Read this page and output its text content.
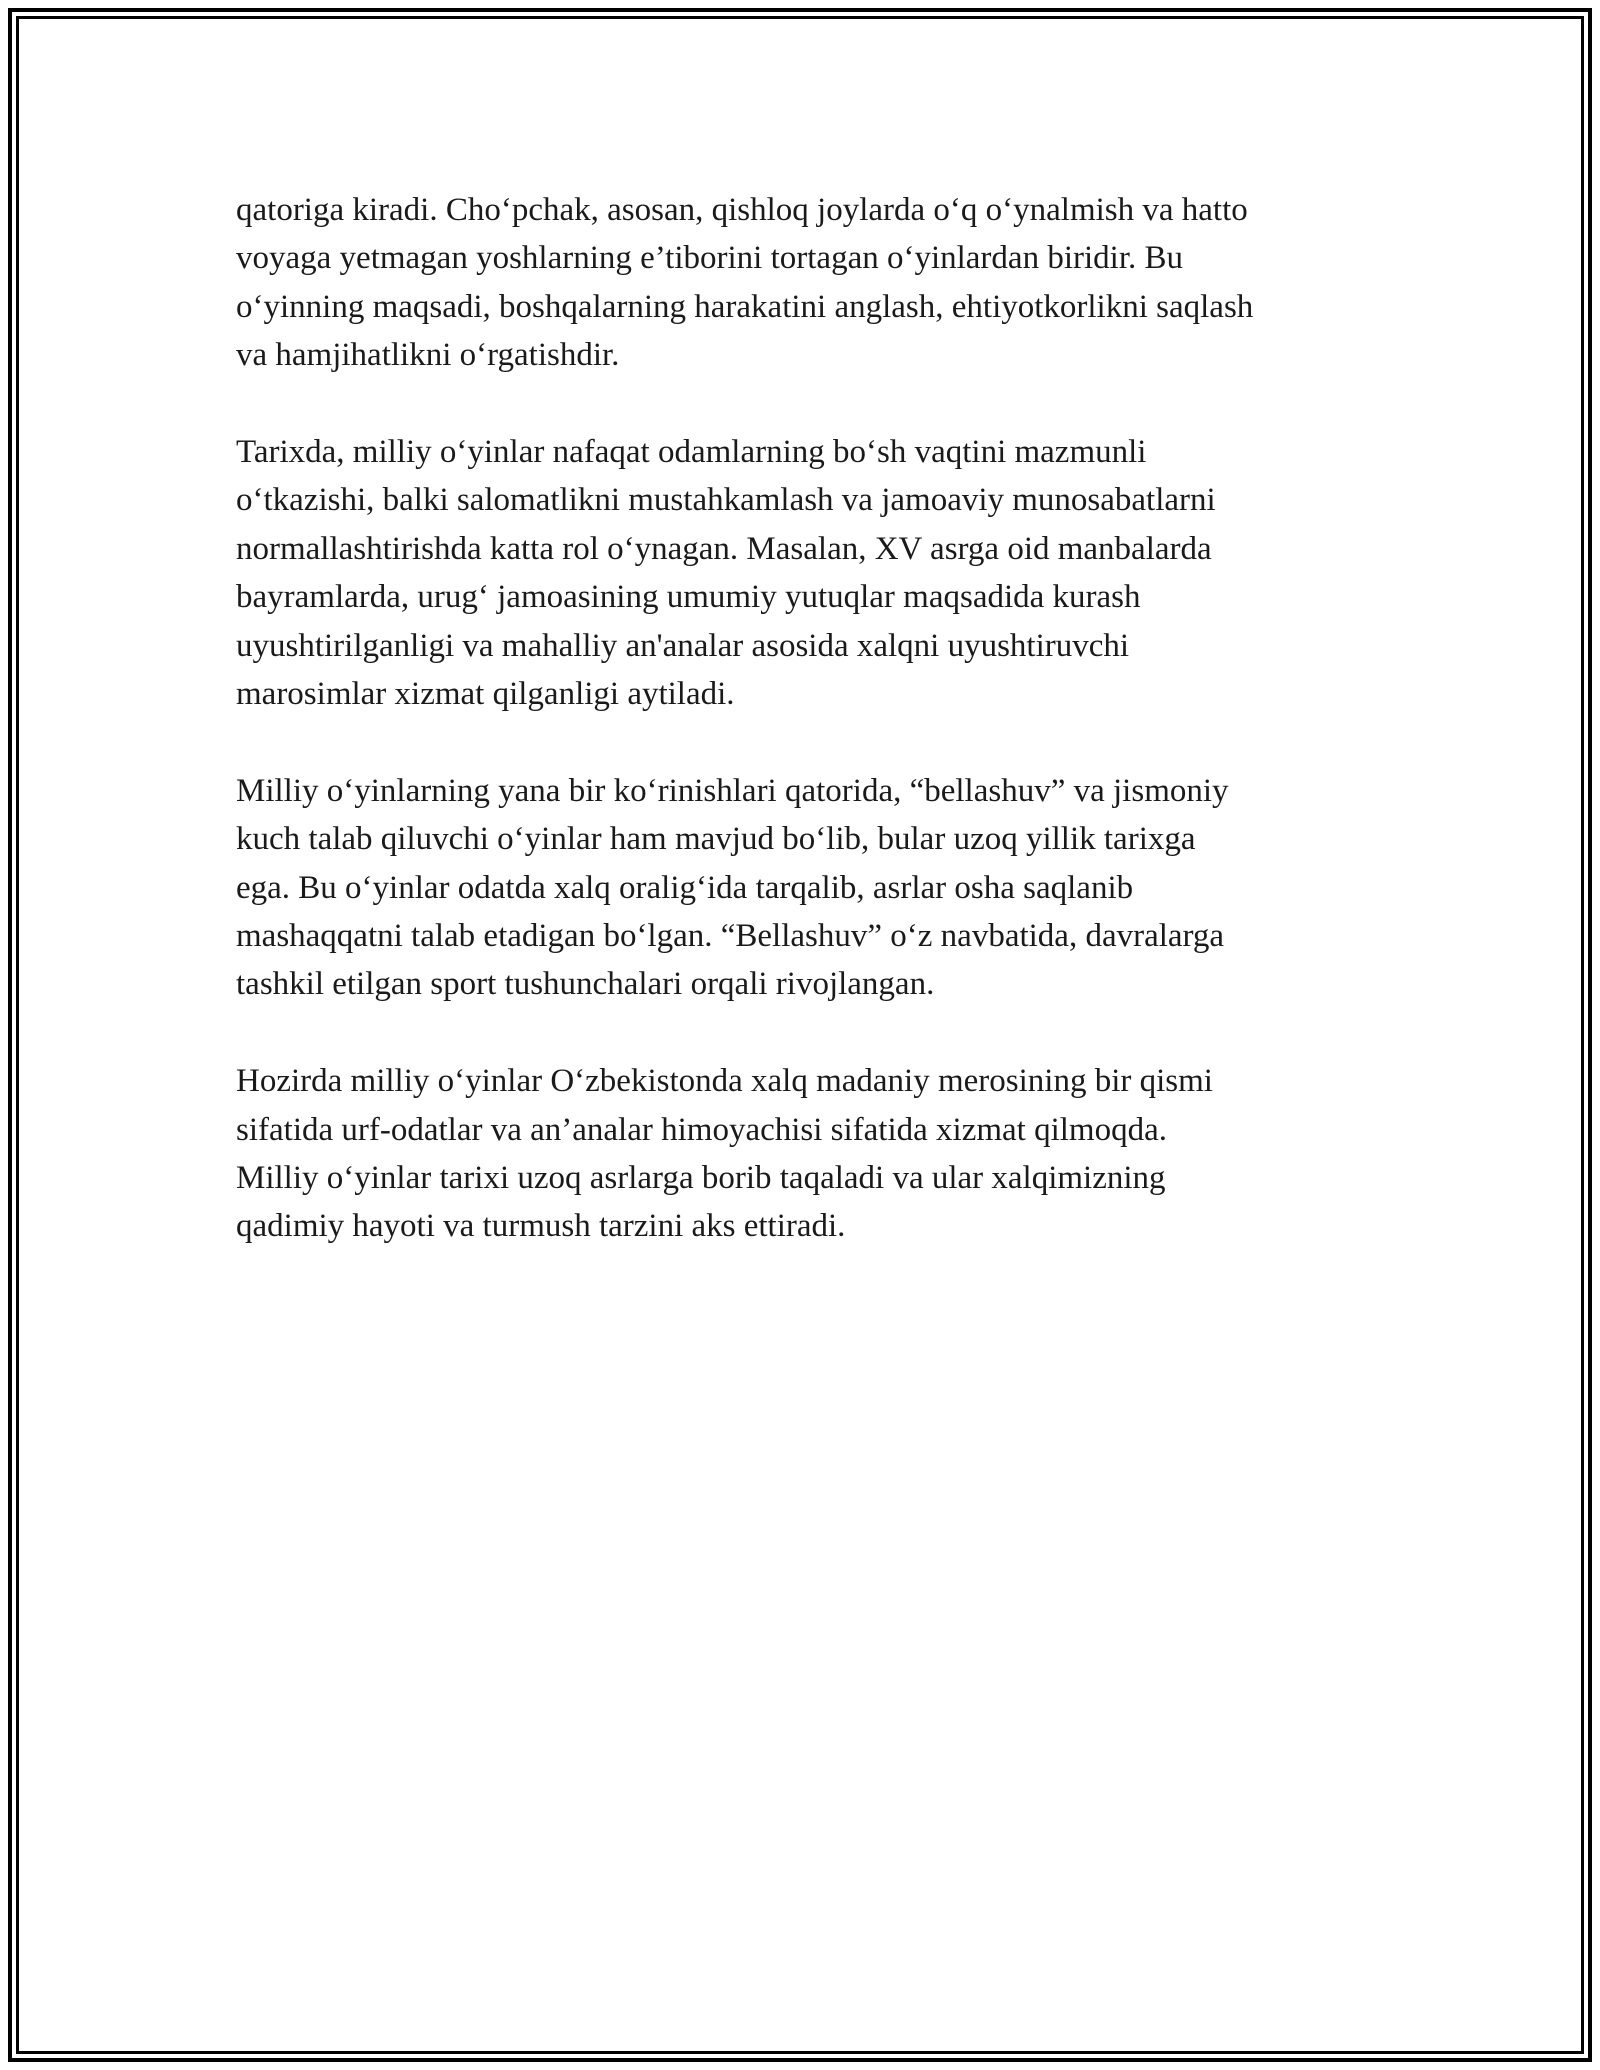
qatoriga kiradi. Choʻpchak, asosan, qishloq joylarda oʻq oʻynalmish va hatto
voyaga yetmagan yoshlarning e’tiborini tortagan oʻyinlardan biridir. Bu
oʻyinning maqsadi, boshqalarning harakatini anglash, ehtiyotkorlikni saqlash
va hamjihatlikni oʻrgatishdir.

Tarixda, milliy oʻyinlar nafaqat odamlarning boʻsh vaqtini mazmunli
oʻtkazishi, balki salomatlikni mustahkamlash va jamoaviy munosabatlarni
normallashtirishda katta rol oʻynagan. Masalan, XV asrga oid manbalarda
bayramlarda, urugʻ jamoasining umumiy yutuqlar maqsadida kurash
uyushtirilganligi va mahalliy an'analar asosida xalqni uyushtiruvchi
marosimlar xizmat qilganligi aytiladi.

Milliy oʻyinlarning yana bir koʻrinishlari qatorida, “bellashuv” va jismoniy
kuch talab qiluvchi oʻyinlar ham mavjud boʻlib, bular uzoq yillik tarixga
ega. Bu oʻyinlar odatda xalq oraligʻida tarqalib, asrlar osha saqlanib
mashaqqatni talab etadigan boʻlgan. “Bellashuv” oʻz navbatida, davralarga
tashkil etilgan sport tushunchalari orqali rivojlangan.

Hozirda milliy oʻyinlar Oʻzbekistonda xalq madaniy merosining bir qismi
sifatida urf-odatlar va an’analar himoyachisi sifatida xizmat qilmoqda.
Milliy oʻyinlar tarixi uzoq asrlarga borib taqaladi va ular xalqimizning
qadimiy hayoti va turmush tarzini aks ettiradi.
